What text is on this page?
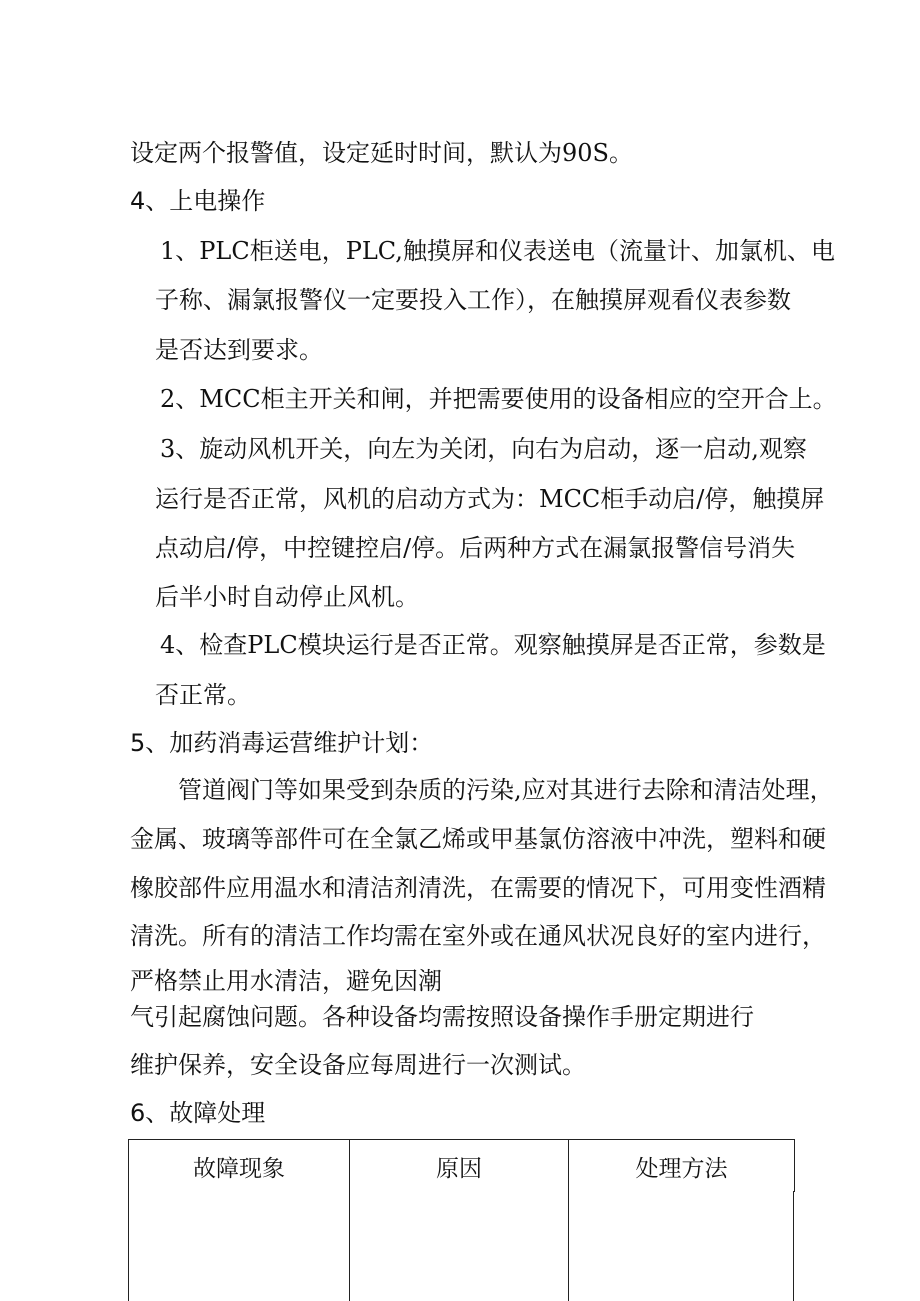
设定两个报警值，设定延时时间，默认为90S。
4、上电操作
1、PLC柜送电，PLC,触摸屏和仪表送电（流量计、加氯机、电
子称、漏氯报警仪一定要投入工作），在触摸屏观看仪表参数
是否达到要求。
2、MCC柜主开关和闸，并把需要使用的设备相应的空开合上。
3、旋动风机开关，向左为关闭，向右为启动，逐一启动,观察
运行是否正常，风机的启动方式为：MCC柜手动启/停，触摸屏
点动启/停，中控键控启/停。后两种方式在漏氯报警信号消失
后半小时自动停止风机。
4、检查PLC模块运行是否正常。观察触摸屏是否正常，参数是
否正常。
5、加药消毒运营维护计划：
管道阀门等如果受到杂质的污染,应对其进行去除和清洁处理，
金属、玻璃等部件可在全氯乙烯或甲基氯仿溶液中冲洗，塑料和硬
橡胶部件应用温水和清洁剂清洗，在需要的情况下，可用变性酒精
清洗。所有的清洁工作均需在室外或在通风状况良好的室内进行，
严格禁止用水清洁，避免因潮
气引起腐蚀问题。各种设备均需按照设备操作手册定期进行
维护保养，安全设备应每周进行一次测试。
6、故障处理
故障现象	原因	处理方法
